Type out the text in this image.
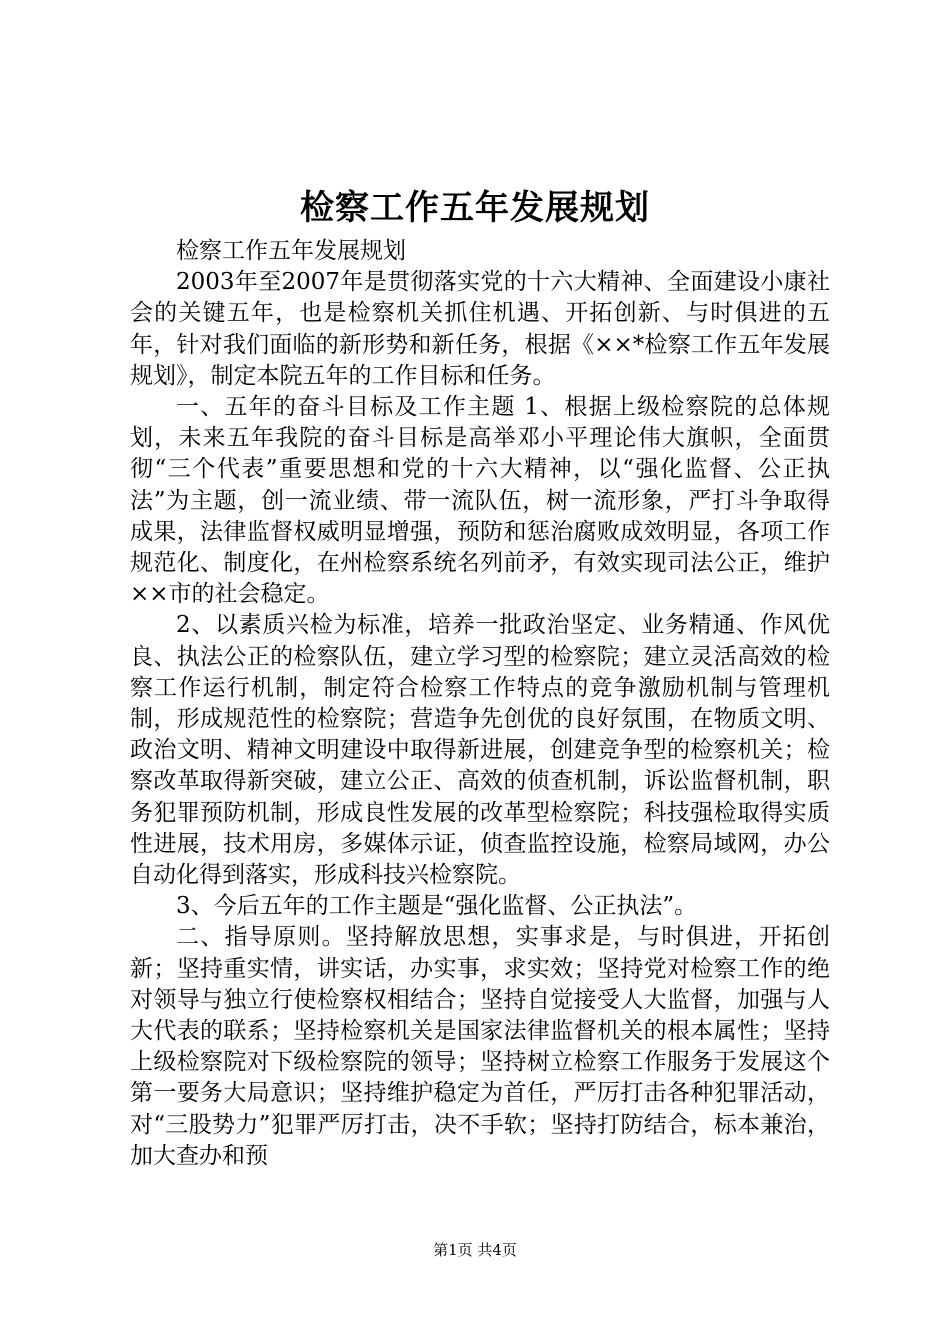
检察工作五年发展规划

检察工作五年发展规划

2003年至2007年是贯彻落实党的十六大精神、全面建设小康社会的关键五年，也是检察机关抓住机遇、开拓创新、与时俱进的五年，针对我们面临的新形势和新任务，根据《××*检察工作五年发展规划》，制定本院五年的工作目标和任务。

一、五年的奋斗目标及工作主题 1、根据上级检察院的总体规划，未来五年我院的奋斗目标是高举邓小平理论伟大旗帜，全面贯彻“三个代表”重要思想和党的十六大精神，以“强化监督、公正执法”为主题，创一流业绩、带一流队伍，树一流形象，严打斗争取得成果，法律监督权威明显增强，预防和惩治腐败成效明显，各项工作规范化、制度化，在州检察系统名列前矛，有效实现司法公正，维护××市的社会稳定。

2、以素质兴检为标准，培养一批政治坚定、业务精通、作风优良、执法公正的检察队伍，建立学习型的检察院；建立灵活高效的检察工作运行机制，制定符合检察工作特点的竞争激励机制与管理机制，形成规范性的检察院；营造争先创优的良好氛围，在物质文明、政治文明、精神文明建设中取得新进展，创建竞争型的检察机关；检察改革取得新突破，建立公正、高效的侦查机制，诉讼监督机制，职务犯罪预防机制，形成良性发展的改革型检察院；科技强检取得实质性进展，技术用房，多媒体示证，侦查监控设施，检察局域网，办公自动化得到落实，形成科技兴检察院。

3、今后五年的工作主题是“强化监督、公正执法”。

二、指导原则。坚持解放思想，实事求是，与时俱进，开拓创新；坚持重实情，讲实话，办实事，求实效；坚持党对检察工作的绝对领导与独立行使检察权相结合；坚持自觉接受人大监督，加强与人大代表的联系；坚持检察机关是国家法律监督机关的根本属性；坚持上级检察院对下级检察院的领导；坚持树立检察工作服务于发展这个第一要务大局意识；坚持维护稳定为首任，严厉打击各种犯罪活动，对“三股势力”犯罪严厉打击，决不手软；坚持打防结合，标本兼治，加大查办和预

第1页 共4页
